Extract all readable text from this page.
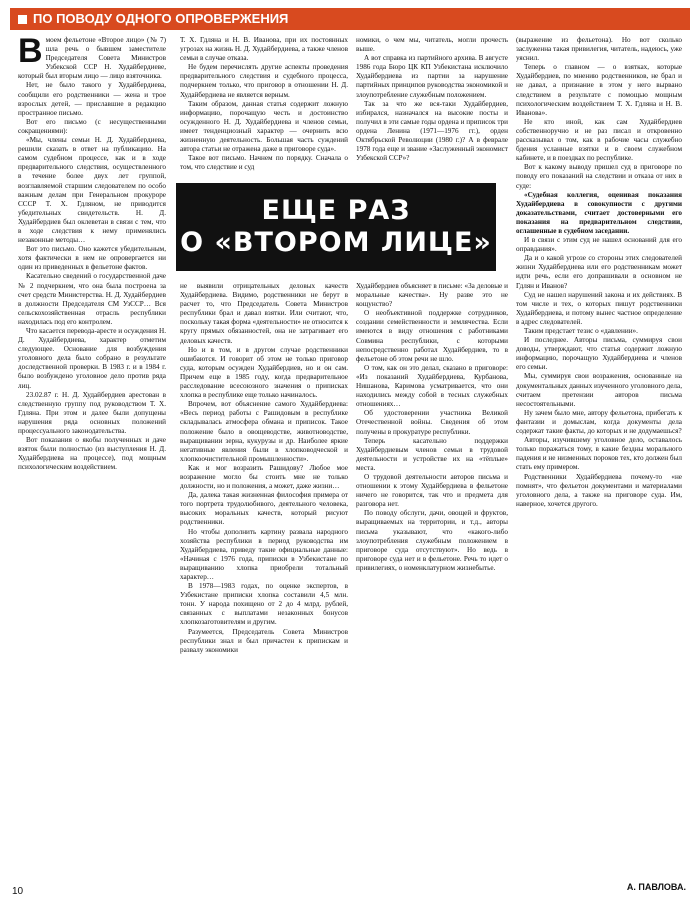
ПО ПОВОДУ ОДНОГО ОПРОВЕРЖЕНИЯ
В моем фельетоне «Второе лицо» (№ 7) шла речь о бывшем заместителе Председателя Совета Министров Узбекской ССР Н. Худайбердиеве, который был вторым лицо — лицо взяточника.

Нет, не было такого у Худайбердиева, сообщили его родственники — жена и трое взрослых детей, — приславшие в редакцию пространное письмо.

Вот его письмо (с несущественными сокращениями):

«Мы, члены семьи Н. Д. Худайбердиева, решили сказать в ответ на публикацию. На самом судебном процессе, как и в ходе предварительного следствия, осуществленного в течение более двух лет группой, возглавляемой старшим следователем по особо важным делам при Генеральном прокуроре СССР Т. Х. Гдляном, не приводится убедительных свидетельств. Н. Д. Худайбердиев был оклеветан в связи с тем, что в ходе следствия к нему применялись незаконные методы…

Вот это письмо. Оно кажется убедительным, хотя фактически в нем не опровергается ни один из приведенных в фельетоне фактов.

Касательно сведений о государственной даче № 2 подчеркнем, что она была построена за счет средств Министерства. Н. Д. Худайбердиев в должности Председателя СМ УзССР… Вся сельскохозяйственная отрасль республики находилась под его контролем.

Что касается перевода-аресте и осуждения Н. Д. Худайбердиева, характер отметим следующее. Основание для возбуждения уголовного дела было собрано в результате доследственной проверки. В 1983 г. и в 1984 г. было возбуждено уголовное дело против ряда лиц.

23.02.87 г. Н. Д. Худайбердиев арестован в следственную группу под руководством Т. Х. Гдляна. При этом и далее были допущены нарушения ряда основных положений процессуального законодательства.

Вот показания о якобы полученных и даче взяток были полностью (из выступления Н. Д. Худайбердиева на процессе), под мощным психологическим воздействием.

Т. Х. Гдляна и Н. В. Иванова, при их постоянных угрозах на жизнь Н. Д. Худайбердиева, а также членов семьи в случае отказа.

Не будем перечислять другие аспекты проведения предварительного следствия и судебного процесса, подчеркнем только, что приговор в отношении Н. Д. Худайбердиева не является верным.

Таким образом, данная статья содержит ложную информацию, порочащую честь и достоинство осужденного Н. Д. Худайбердиева и членов семьи, имеет тенденциозный характер — очернить всю жизненную деятельность. Большая часть суждений автора статьи не отражена даже в приговоре суда».

Такое вот письмо. Начнем по порядку. Сначала о том, что следствие и суд

номики, о чем мы, читатель, могли прочесть выше.

А вот справка из партийного архива. В августе 1986 года Бюро ЦК КП Узбекистана исключило Худайбердиева из партии за нарушение партийных принципов руководства экономикой и злоупотребление служебным положением.

Так за что же вся-таки Худайбердиев, избирался, назначался на высокие посты и получил в эти самые годы ордена и приписок три ордена Ленина (1971—1976 гг.), орден Октябрьской Революции (1980 г.)? А в феврале 1978 года еще и звание «Заслуженный экономист Узбекской ССР»?

ЕЩЕ РАЗ
О «ВТОРОМ ЛИЦЕ»

не выявили отрицательных деловых качеств Худайбердиева. Видимо, родственники не берут в расчет то, что Председатель Совета Министров республики брал и давал взятки. Или считают, что, поскольку такая форма «деятельности» не относится к кругу прямых обязанностей, она не затрагивает его деловых качеств.

Но и в том, и в другом случае родственники ошибаются. И говорит об этом не только приговор суда, которым осужден Худайбердиев, но и он сам. Причем еще в 1985 году, когда предварительное расследование всесоюзного значения о приписках хлопка в республике еще только начиналось.

Впрочем, вот объяснение самого Худайбердиева: «Весь период работы с Рашидовым в республике складывалась атмосфера обмана и приписок. Такое положение было в овощеводстве, животноводстве, выращивании зерна, кукурузы и др. Наиболее яркие негативные явления были в хлопководческой и хлопкоочистительной промышленности».

Как и мог возразить Рашидову? Любое мое возражение могло бы стоить мне не только должности, но и положения, а может, даже жизни…

Да, далека такая жизненная философия примера от того портрета трудолюбивого, деятельного человека, высоких моральных качеств, который рисуют родственники.

Но чтобы дополнить картину развала народного хозяйства республики в период руководства им Худайбердиева, приведу такие официальные данные: «Начиная с 1976 года, приписки в Узбекистане по выращиванию хлопка приобрели тотальный характер…

В 1978—1983 годах, по оценке экспертов, в Узбекистане приписки хлопка составили 4,5 млн. тонн. У народа похищено от 2 до 4 млрд. рублей, связанных с выплатами незаконных бонусов хлопкозаготовителям и другим.

Разумеется, Председатель Совета Министров республики знал и был причастен к припискам и развалу экономики

Худайбердиев объясняет в письме: «За деловые и моральные качества». Ну разве это не кощунство?

О необъективной поддержке сотрудников, создании семейственности и землячества. Если имеются в виду отношения с работниками Совмина республики, с которыми непосредственно работал Худайбердиев, то в фельетоне об этом речи не шло.

О том, как он это делал, сказано в приговоре: «Из показаний Худайбердиева, Курбанова, Нишанова, Каримова усматривается, что они находились между собой в тесных служебных отношениях…

Об удостоверении участника Великой Отечественной войны. Сведения об этом получены в прокуратуре республики.

Теперь касательно поддержки Худайбердиевым членов семьи в трудовой деятельности и устройстве их на «тёплые» места.

О трудовой деятельности авторов письма и отношении к этому Худайбердиева в фельетоне ничего не говорится, так что и предмета для разговора нет.

По поводу обслуги, дачи, овощей и фруктов, выращиваемых на территории, и т.д., авторы письма указывают, что «какого-либо злоупотребления служебным положением в приговоре суда отсутствуют». Но ведь в приговоре суда нет и в фельетоне. Речь то идет о привилегиях, о номенклатурном жизнебытье.

(выражение из фельетона). Но вот сколько заслуженна такая привилегия, читатель, надеюсь, уже уяснил.

Теперь о главном — о взятках, которые Худайбердиев, по мнению родственников, не брал и не давал, а признание в этом у него вырвано следствием в результате с помощью мощным психологическим воздействием Т. Х. Гдляна и Н. В. Иванова».

Не кто иной, как сам Худайбердиев собственноручно и не раз писал и откровенно рассказывал о том, как в рабочие часы служебно бдения усланные взятки и в своем служебном кабинете, и в поездках по республике.

Вот к какому выводу пришел суд в приговоре по поводу его показаний на следствии и отказа от них в суде:

«Судебная коллегия, оценивая показания Худайбердиева в совокупности с другими доказательствами, считает достоверными его показания на предварительном следствии, оглашенные в судебном заседании.

И в связи с этим суд не нашел оснований для его оправдания».

Да и о какой угрозе со стороны этих следователей жизни Худайбердиева или его родственникам может идти речь, если его допрашивали в основном не Гдлян и Иванов?

Суд не нашел нарушений закона и их действиях. В том числе и тех, о которых пишут родственники Худайбердиева, и потому вынес частное определение в адрес следователей.

Таким предстает тезис о «давлении».

И последнее. Авторы письма, суммируя свои доводы, утверждают, что статья содержит ложную информацию, порочащую Худайбердиева и членов его семьи.

Мы, суммируя свои возражения, основанные на документальных данных изученного уголовного дела, считаем претензии авторов письма несостоятельными.

Ну зачем было мне, автору фельетона, прибегать к фантазии и домыслам, когда документы дела содержат такие факты, до которых и не додумаешься?

Авторы, изучившему уголовное дело, оставалось только поражаться тому, в какие бездны морального падения и не низменных пороков тех, кто должен был стать ему примером.

Родственники Худайбердиева почему-то «не помнят», что фельетон документами и материалами уголовного дела, а также на приговоре суда. Им, наверное, хочется другого.

А. ПАВЛОВА.
10
